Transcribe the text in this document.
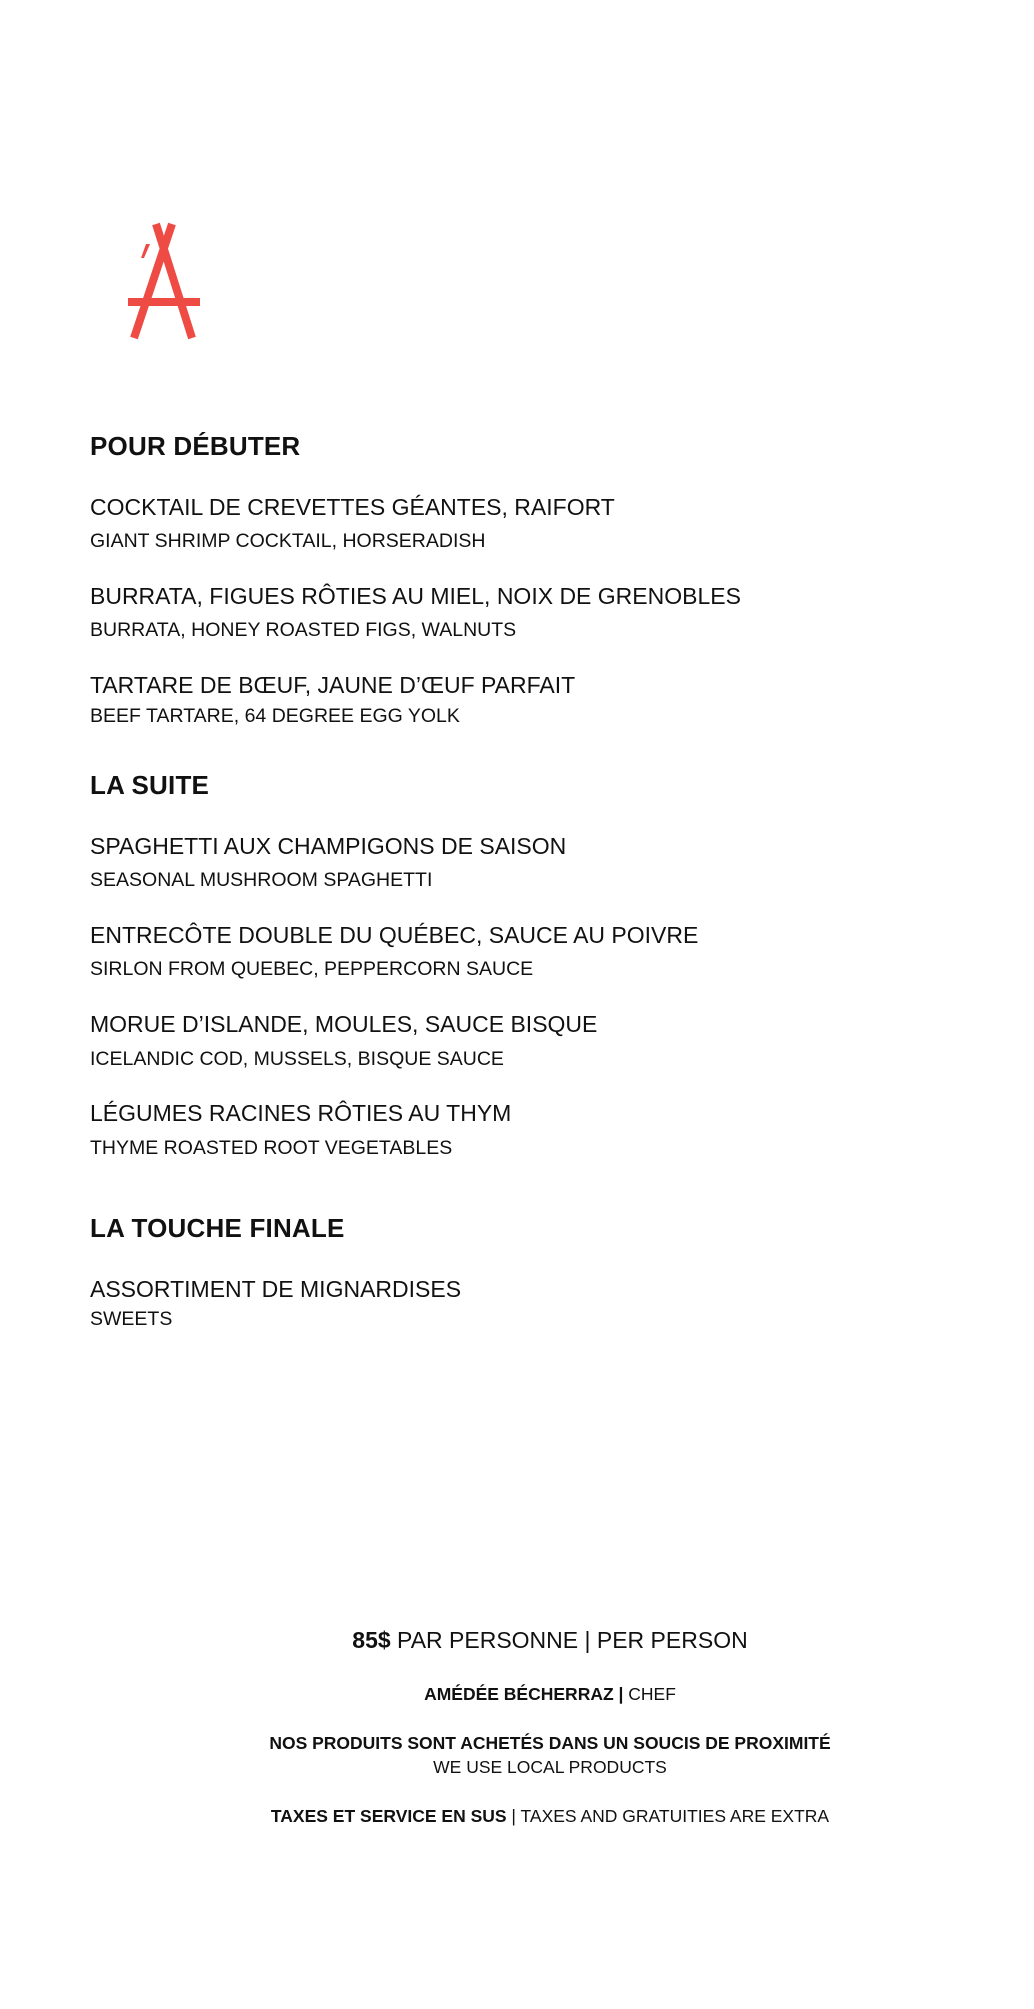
POUR DÉBUTER
COCKTAIL DE CREVETTES GÉANTES, RAIFORT
GIANT SHRIMP COCKTAIL, HORSERADISH
BURRATA, FIGUES RÔTIES AU MIEL, NOIX DE GRENOBLES
BURRATA, HONEY ROASTED FIGS, WALNUTS
TARTARE DE BŒUF, JAUNE D’ŒUF PARFAIT
BEEF TARTARE, 64 DEGREE EGG YOLK
LA SUITE
SPAGHETTI AUX CHAMPIGONS DE SAISON
SEASONAL MUSHROOM SPAGHETTI
ENTRECÔTE DOUBLE DU QUÉBEC, SAUCE AU POIVRE
SIRLON FROM QUEBEC, PEPPERCORN SAUCE
MORUE D’ISLANDE, MOULES, SAUCE BISQUE
ICELANDIC COD, MUSSELS, BISQUE SAUCE
LÉGUMES RACINES RÔTIES AU THYM
THYME ROASTED ROOT VEGETABLES
LA TOUCHE FINALE
ASSORTIMENT DE MIGNARDISES
SWEETS
85$ PAR PERSONNE | PER PERSON
AMÉDÉE BÉCHERRAZ | CHEF
NOS PRODUITS SONT ACHETÉS DANS UN SOUCIS DE PROXIMITÉ
WE USE LOCAL PRODUCTS
TAXES ET SERVICE EN SUS | TAXES AND GRATUITIES ARE EXTRA
